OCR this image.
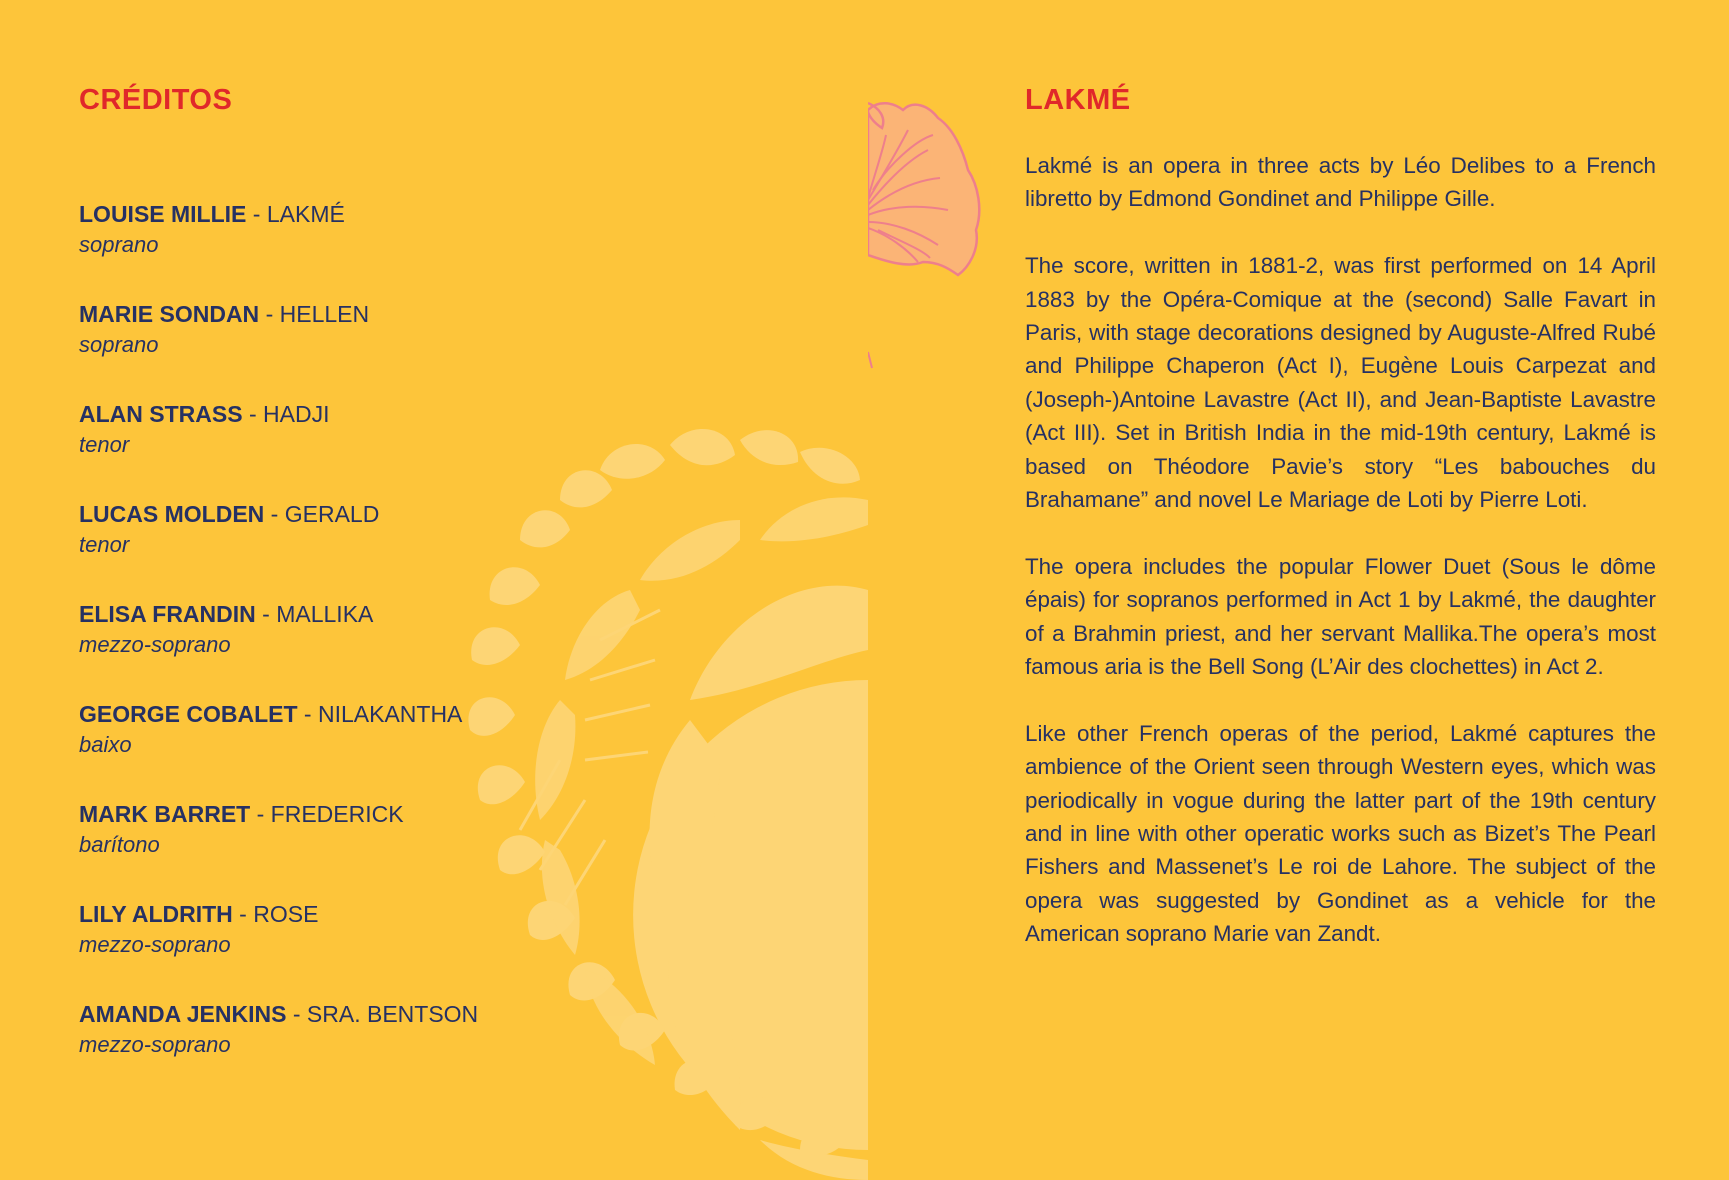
CRÉDITOS
LOUISE MILLIE - LAKMÉ
soprano
MARIE SONDAN - HELLEN
soprano
ALAN STRASS - HADJI
tenor
LUCAS MOLDEN - GERALD
tenor
ELISA FRANDIN - MALLIKA
mezzo-soprano
GEORGE COBALET - NILAKANTHA
baixo
MARK BARRET - FREDERICK
barítono
LILY ALDRITH - ROSE
mezzo-soprano
AMANDA JENKINS - SRA. BENTSON
mezzo-soprano
LAKMÉ

Lakmé is an opera in three acts by Léo Delibes to a French libretto by Edmond Gondinet and Philippe Gille.

The score, written in 1881-2, was first performed on 14 April 1883 by the Opéra-Comique at the (second) Salle Favart in Paris, with stage decorations designed by Auguste-Alfred Rubé and Philippe Chaperon (Act I), Eugène Louis Carpezat and (Joseph-)Antoine Lavastre (Act II), and Jean-Baptiste Lavastre (Act III). Set in British India in the mid-19th century, Lakmé is based on Théodore Pavie’s story “Les babouches du Brahamane” and novel Le Mariage de Loti by Pierre Loti.

The opera includes the popular Flower Duet (Sous le dôme épais) for sopranos performed in Act 1 by Lakmé, the daughter of a Brahmin priest, and her servant Mallika.The opera’s most famous aria is the Bell Song (L’Air des clochettes) in Act 2.

Like other French operas of the period, Lakmé captures the ambience of the Orient seen through Western eyes, which was periodically in vogue during the latter part of the 19th century and in line with other operatic works such as Bizet’s The Pearl Fishers and Massenet’s Le roi de Lahore. The subject of the opera was suggested by Gondinet as a vehicle for the American soprano Marie van Zandt.
